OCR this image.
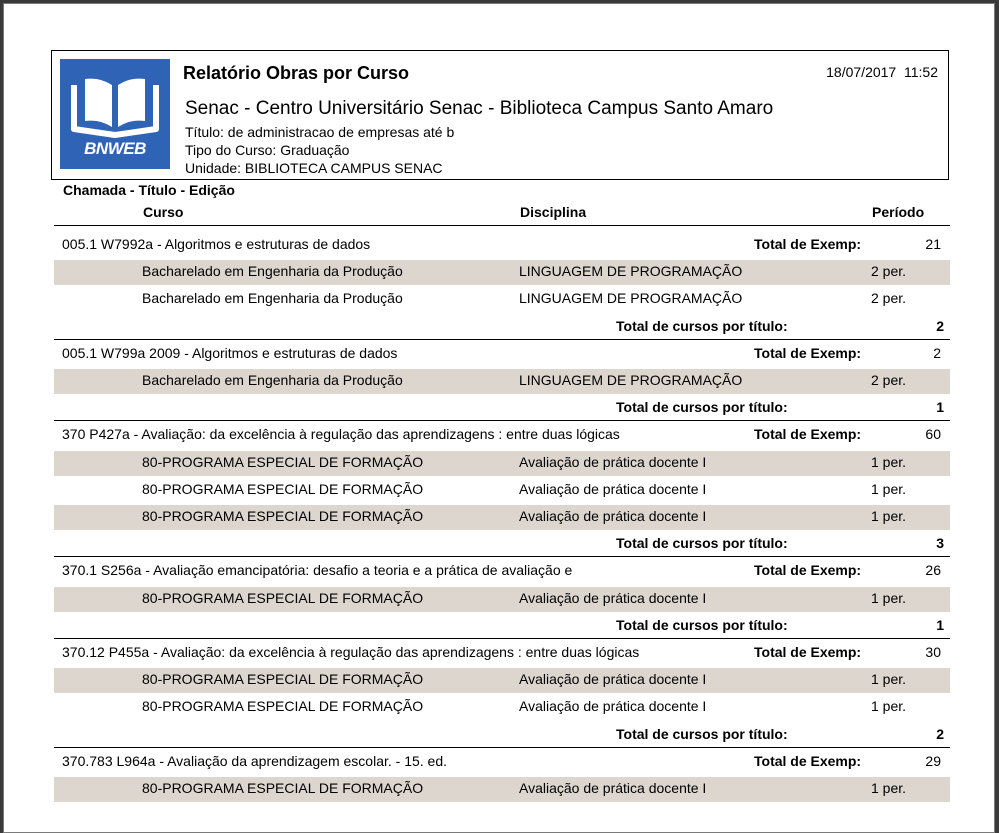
BNWEB
Relatório Obras por Curso	18/07/2017 11:52
Senac - Centro Universitário Senac - Biblioteca Campus Santo Amaro
Título: de administracao de empresas até b
Tipo do Curso: Graduação
Unidade: BIBLIOTECA CAMPUS SENAC
Chamada - Título - Edição
Curso	Disciplina	Período
005.1 W7992a - Algoritmos e estruturas de dados	Total de Exemp:	21
Bacharelado em Engenharia da Produção	LINGUAGEM DE PROGRAMAÇÃO	2 per.
Bacharelado em Engenharia da Produção	LINGUAGEM DE PROGRAMAÇÃO	2 per.
Total de cursos por título:	2
005.1 W799a 2009 - Algoritmos e estruturas de dados	Total de Exemp:	2
Bacharelado em Engenharia da Produção	LINGUAGEM DE PROGRAMAÇÃO	2 per.
Total de cursos por título:	1
370 P427a - Avaliação: da excelência à regulação das aprendizagens : entre duas lógicas	Total de Exemp:	60
80-PROGRAMA ESPECIAL DE FORMAÇÃO	Avaliação de prática docente I	1 per.
80-PROGRAMA ESPECIAL DE FORMAÇÃO	Avaliação de prática docente I	1 per.
80-PROGRAMA ESPECIAL DE FORMAÇÃO	Avaliação de prática docente I	1 per.
Total de cursos por título:	3
370.1 S256a - Avaliação emancipatória: desafio a teoria e a prática de avaliação e	Total de Exemp:	26
80-PROGRAMA ESPECIAL DE FORMAÇÃO	Avaliação de prática docente I	1 per.
Total de cursos por título:	1
370.12 P455a - Avaliação: da excelência à regulação das aprendizagens : entre duas lógicas	Total de Exemp:	30
80-PROGRAMA ESPECIAL DE FORMAÇÃO	Avaliação de prática docente I	1 per.
80-PROGRAMA ESPECIAL DE FORMAÇÃO	Avaliação de prática docente I	1 per.
Total de cursos por título:	2
370.783 L964a - Avaliação da aprendizagem escolar. - 15. ed.	Total de Exemp:	29
80-PROGRAMA ESPECIAL DE FORMAÇÃO	Avaliação de prática docente I	1 per.
